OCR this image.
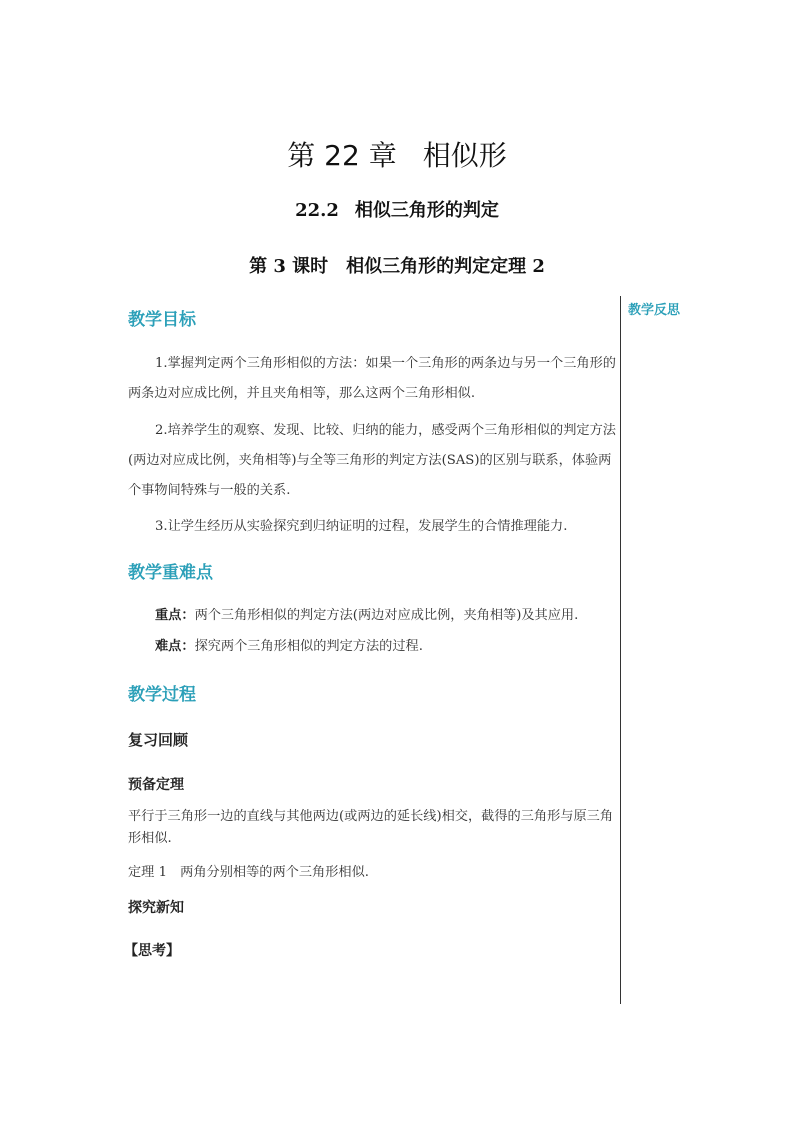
第 22 章 相似形
22.2 相似三角形的判定
第 3 课时 相似三角形的判定定理 2
教学反思
教学目标
1.掌握判定两个三角形相似的方法：如果一个三角形的两条边与另一个三角形的两条边对应成比例，并且夹角相等，那么这两个三角形相似.
2.培养学生的观察、发现、比较、归纳的能力，感受两个三角形相似的判定方法(两边对应成比例，夹角相等)与全等三角形的判定方法(SAS)的区别与联系，体验两个事物间特殊与一般的关系.
3.让学生经历从实验探究到归纳证明的过程，发展学生的合情推理能力.
教学重难点
重点：两个三角形相似的判定方法(两边对应成比例，夹角相等)及其应用.
难点：探究两个三角形相似的判定方法的过程.
教学过程
复习回顾
预备定理
平行于三角形一边的直线与其他两边(或两边的延长线)相交，截得的三角形与原三角形相似.
定理 1　两角分别相等的两个三角形相似.
探究新知
【思考】
